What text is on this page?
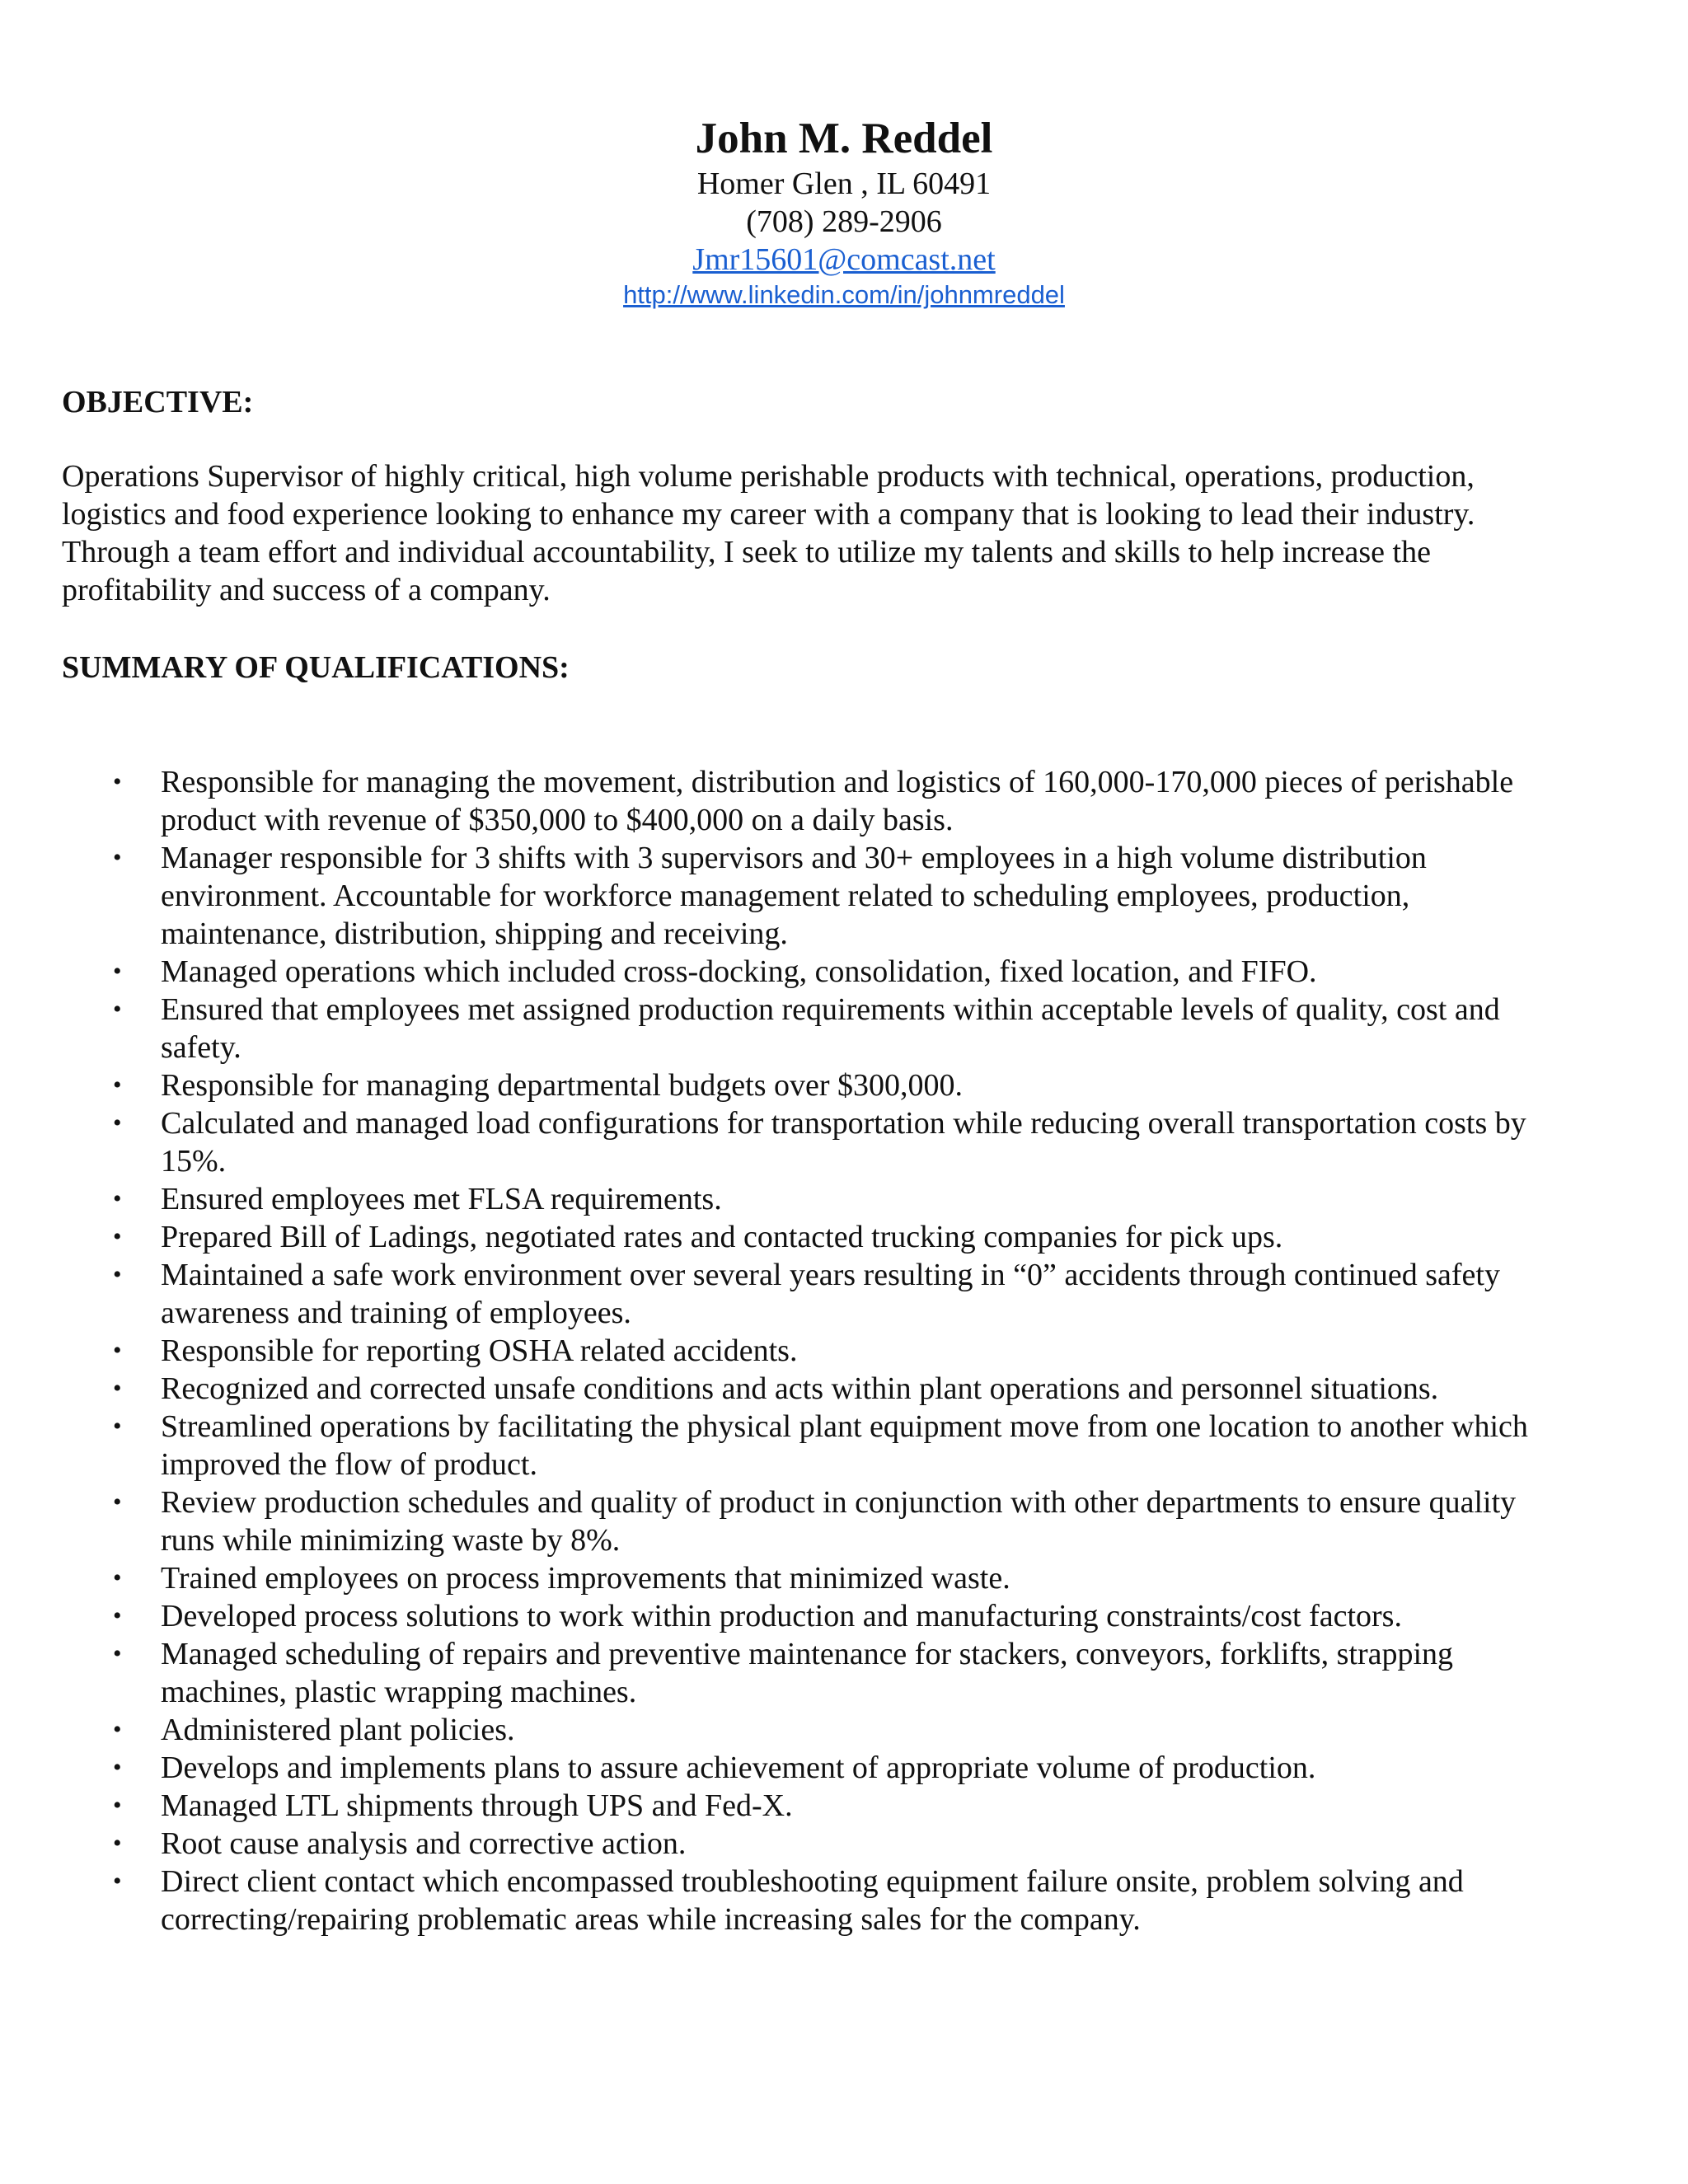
John M. Reddel
Homer Glen , IL 60491
(708) 289-2906
Jmr15601@comcast.net
http://www.linkedin.com/in/johnmreddel
OBJECTIVE:
Operations Supervisor of highly critical, high volume perishable products with technical, operations, production,
logistics and food experience looking to enhance my career with a company that is looking to lead their industry.
Through a team effort and individual accountability, I seek to utilize my talents and skills to help increase the
profitability and success of a company.
SUMMARY OF QUALIFICATIONS:
• Responsible for managing the movement, distribution and logistics of 160,000-170,000 pieces of perishable
product with revenue of $350,000 to $400,000 on a daily basis.
• Manager responsible for 3 shifts with 3 supervisors and 30+ employees in a high volume distribution
environment. Accountable for workforce management related to scheduling employees, production,
maintenance, distribution, shipping and receiving.
• Managed operations which included cross-docking, consolidation, fixed location, and FIFO.
• Ensured that employees met assigned production requirements within acceptable levels of quality, cost and
safety.
• Responsible for managing departmental budgets over $300,000.
• Calculated and managed load configurations for transportation while reducing overall transportation costs by
15%.
• Ensured employees met FLSA requirements.
• Prepared Bill of Ladings, negotiated rates and contacted trucking companies for pick ups.
• Maintained a safe work environment over several years resulting in “0” accidents through continued safety
awareness and training of employees.
• Responsible for reporting OSHA related accidents.
• Recognized and corrected unsafe conditions and acts within plant operations and personnel situations.
• Streamlined operations by facilitating the physical plant equipment move from one location to another which
improved the flow of product.
• Review production schedules and quality of product in conjunction with other departments to ensure quality
runs while minimizing waste by 8%.
• Trained employees on process improvements that minimized waste.
• Developed process solutions to work within production and manufacturing constraints/cost factors.
• Managed scheduling of repairs and preventive maintenance for stackers, conveyors, forklifts, strapping
machines, plastic wrapping machines.
• Administered plant policies.
• Develops and implements plans to assure achievement of appropriate volume of production.
• Managed LTL shipments through UPS and Fed-X.
• Root cause analysis and corrective action.
• Direct client contact which encompassed troubleshooting equipment failure onsite, problem solving and
correcting/repairing problematic areas while increasing sales for the company.
